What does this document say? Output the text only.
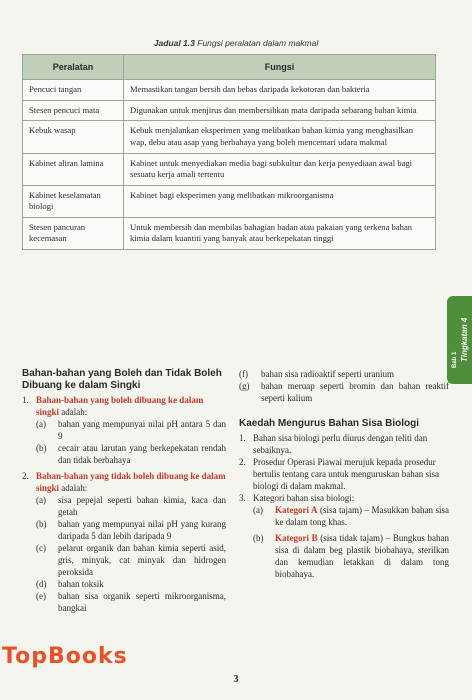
Jadual 1.3 Fungsi peralatan dalam makmal
Peralatan	Fungsi
Pencuci tangan	Memastikan tangan bersih dan bebas daripada kekotoran dan bakteria
Stesen pencuci mata	Digunakan untuk menjirus dan membersihkan mata daripada sebarang bahan kimia
Kebuk wasap	Kebuk menjalankan eksperimen yang melibatkan bahan kimia yang menghasilkan wap, debu atau asap yang berbahaya yang boleh mencemari udara makmal
Kabinet aliran lamina	Kabinet untuk menyediakan media bagi subkultur dan kerja penyediaan awal bagi sesuatu kerja amali tertentu
Kabinet keselamatan biologi	Kabinet bagi eksperimen yang melibatkan mikroorganisma
Stesen pancuran kecemasan	Untuk membersih dan membilas bahagian badan atau pakaian yang terkena bahan kimia dalam kuantiti yang banyak atau berkepekatan tinggi
Bab 1 Tingkatan 4

Bahan-bahan yang Boleh dan Tidak Boleh Dibuang ke dalam Singki

1. Bahan-bahan yang boleh dibuang ke dalam singki adalah:

(a) bahan yang mempunyai nilai pH antara 5 dan 9

(b) cecair atau larutan yang berkepekatan rendah dan tidak berbahaya

2. Bahan-bahan yang tidak boleh dibuang ke dalam singki adalah:

(a) sisa pepejal seperti bahan kimia, kaca dan getah

(b) bahan yang mempunyai nilai pH yang kurang daripada 5 dan lebih daripada 9

(c) pelarut organik dan bahan kimia seperti asid, gris, minyak, cat minyak dan hidrogen peroksida

(d) bahan toksik

(e) bahan sisa organik seperti mikroorganisma, bangkai

(f) bahan sisa radioaktif seperti uranium

(g) bahan meruap seperti bromin dan bahan reaktif seperti kalium

Kaedah Mengurus Bahan Sisa Biologi

1. Bahan sisa biologi perlu diurus dengan teliti dan sebaiknya.

2. Prosedur Operasi Piawai merujuk kepada prosedur bertulis tentang cara untuk menguruskan bahan sisa biologi di dalam makmal.

3. Kategori bahan sisa biologi:

(a) Kategori A (sisa tajam) – Masukkan bahan sisa ke dalam tong khas.

(b) Kategori B (sisa tidak tajam) – Bungkus bahan sisa di dalam beg plastik biobahaya, sterilkan dan kemudian letakkan di dalam tong biobahaya.

TopBooks
3
